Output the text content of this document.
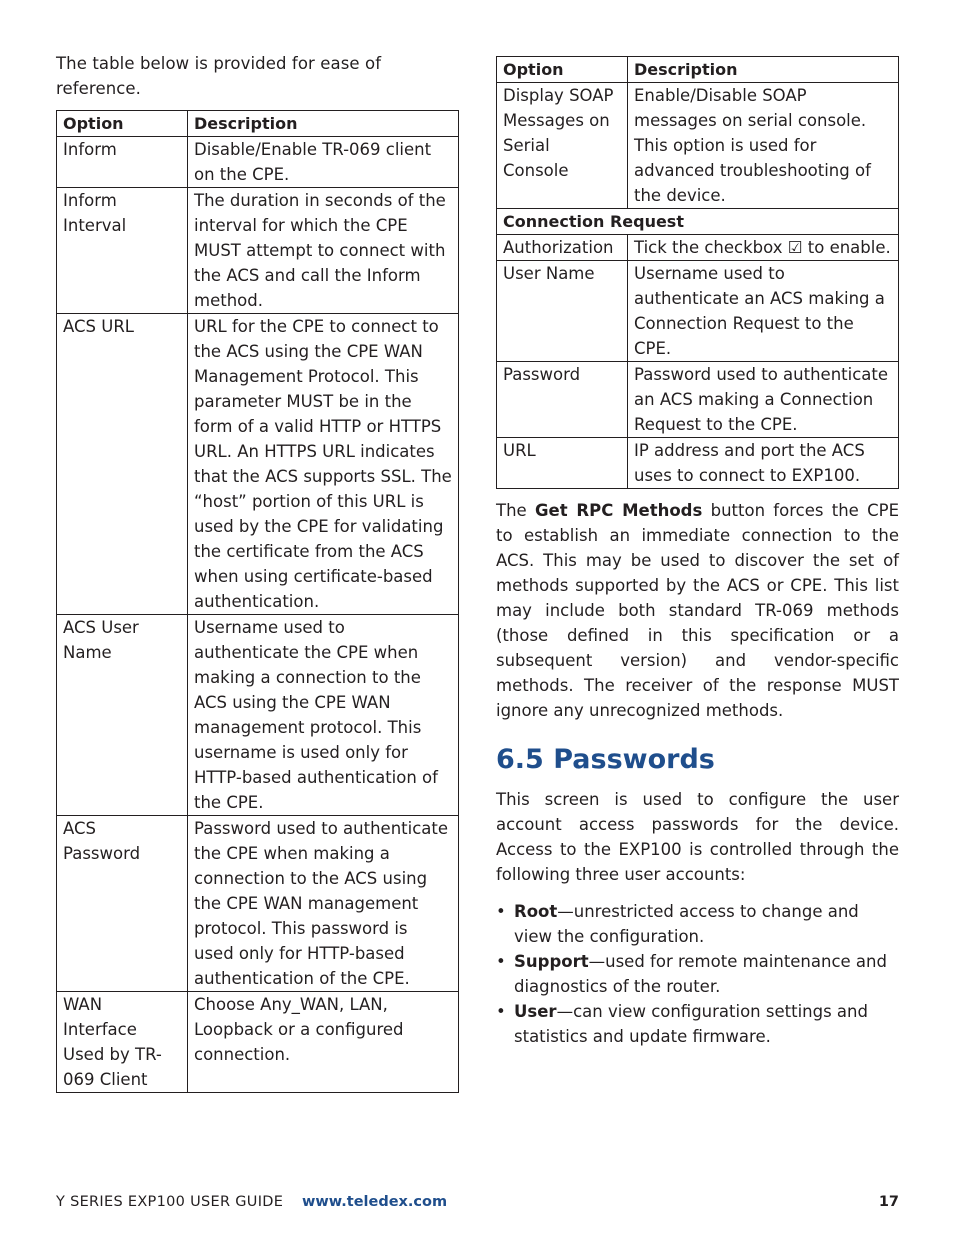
The table below is provided for ease of reference.

Option	Description
Inform	Disable/Enable TR-069 client on the CPE.
Inform Interval	The duration in seconds of the interval for which the CPE MUST attempt to connect with the ACS and call the Inform method.
ACS URL	URL for the CPE to connect to the ACS using the CPE WAN Management Protocol. This parameter MUST be in the form of a valid HTTP or HTTPS URL. An HTTPS URL indicates that the ACS supports SSL. The “host” portion of this URL is used by the CPE for validating the certificate from the ACS when using certificate-based authentication.
ACS User Name	Username used to authenticate the CPE when making a connection to the ACS using the CPE WAN management protocol. This username is used only for HTTP-based authentication of the CPE.
ACS Password	Password used to authenticate the CPE when making a connection to the ACS using the CPE WAN management protocol. This password is used only for HTTP-based authentication of the CPE.
WAN Interface Used by TR-069 Client	Choose Any_WAN, LAN, Loopback or a configured connection.
Option	Description
Display SOAP Messages on Serial Console	Enable/Disable SOAP messages on serial console. This option is used for advanced troubleshooting of the device.
Connection Request	
Authorization	Tick the checkbox ☑ to enable.
User Name	Username used to authenticate an ACS making a Connection Request to the CPE.
Password	Password used to authenticate an ACS making a Connection Request to the CPE.
URL	IP address and port the ACS uses to connect to EXP100.

The Get RPC Methods button forces the CPE to establish an immediate connection to the ACS. This may be used to discover the set of methods supported by the ACS or CPE. This list may include both standard TR-069 methods (those defined in this specification or a subsequent version) and vendor-specific methods. The receiver of the response MUST ignore any unrecognized methods.

6.5 Passwords

This screen is used to configure the user account access passwords for the device. Access to the EXP100 is controlled through the following three user accounts:

• Root—unrestricted access to change and view the configuration.
• Support—used for remote maintenance and diagnostics of the router.
• User—can view configuration settings and statistics and update firmware.
Y SERIES EXP100 USER GUIDE www.teledex.com	17
